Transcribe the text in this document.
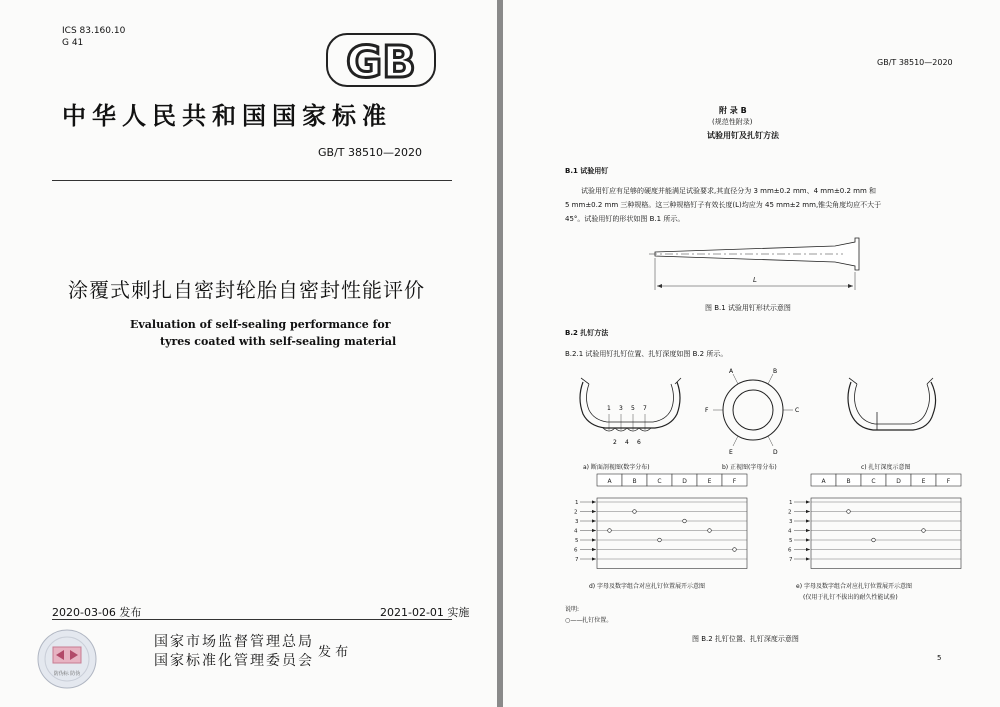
ICS 83.160.10
G 41	GB
中华人民共和国国家标准
GB/T 38510—2020
涂覆式刺扎自密封轮胎自密封性能评价
Evaluation of self-sealing performance for
tyres coated with self-sealing material
2020-03-06 发布	2021-02-01 实施
防伪标 防伪
国家市场监督管理总局
国家标准化管理委员会
发 布
GB/T 38510—2020
附 录 B
(规范性附录)
试验用钉及扎钉方法
B.1 试验用钉
试验用钉应有足够的硬度并能满足试验要求,其直径分为 3 mm±0.2 mm、4 mm±0.2 mm 和
5 mm±0.2 mm 三种规格。这三种规格钉子有效长度(L)均应为 45 mm±2 mm,锥尖角度均应不大于
45°。试验用钉的形状如图 B.1 所示。
L
图 B.1 试验用钉形状示意图
B.2 扎钉方法
B.2.1 试验用钉扎钉位置、扎钉深度如图 B.2 所示。
1 3 5 7
2 4 6
A	B
C
D
E
F
a) 断面剖视图(数字分布)	b) 正视图(字母分布)	c) 扎钉深度示意图
A	B	C	D	E	F
1
2
3
4
5
6
7
A	B	C	D	E	F
1
2
3
4
5
6
7
d) 字母及数字组合对应扎钉位置展开示意图	e) 字母及数字组合对应扎钉位置展开示意图
(仅用于扎钉不拔出的耐久性能试验)
说明:
○——扎钉位置。
图 B.2 扎钉位置、扎钉深度示意图
5
